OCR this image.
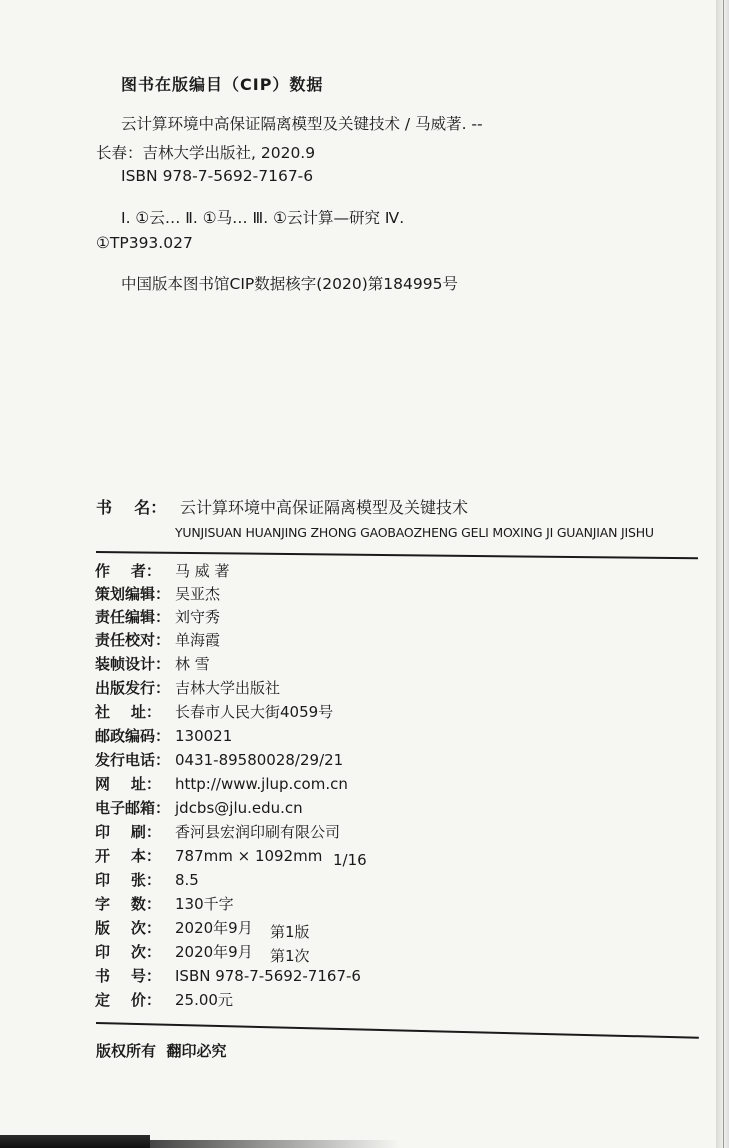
图书在版编目（CIP）数据
云计算环境中高保证隔离模型及关键技术 / 马威著. --
长春：吉林大学出版社, 2020.9
ISBN 978-7-5692-7167-6
Ⅰ. ①云… Ⅱ. ①马… Ⅲ. ①云计算—研究 Ⅳ.
①TP393.027
中国版本图书馆CIP数据核字(2020)第184995号
书    名： 云计算环境中高保证隔离模型及关键技术
YUNJISUAN HUANJING ZHONG GAOBAOZHENG GELI MOXING JI GUANJIAN JISHU
作    者： 马 威 著
策划编辑： 吴亚杰
责任编辑： 刘守秀
责任校对： 单海霞
装帧设计： 林 雪
出版发行： 吉林大学出版社
社    址： 长春市人民大街4059号
邮政编码： 130021
发行电话： 0431-89580028/29/21
网    址： http://www.jlup.com.cn
电子邮箱： jdcbs@jlu.edu.cn
印    刷： 香河县宏润印刷有限公司
开    本： 787mm × 1092mm 1/16
印    张： 8.5
字    数： 130千字
版    次： 2020年9月 第1版
印    次： 2020年9月 第1次
书    号： ISBN 978-7-5692-7167-6
定    价： 25.00元
版权所有  翻印必究
